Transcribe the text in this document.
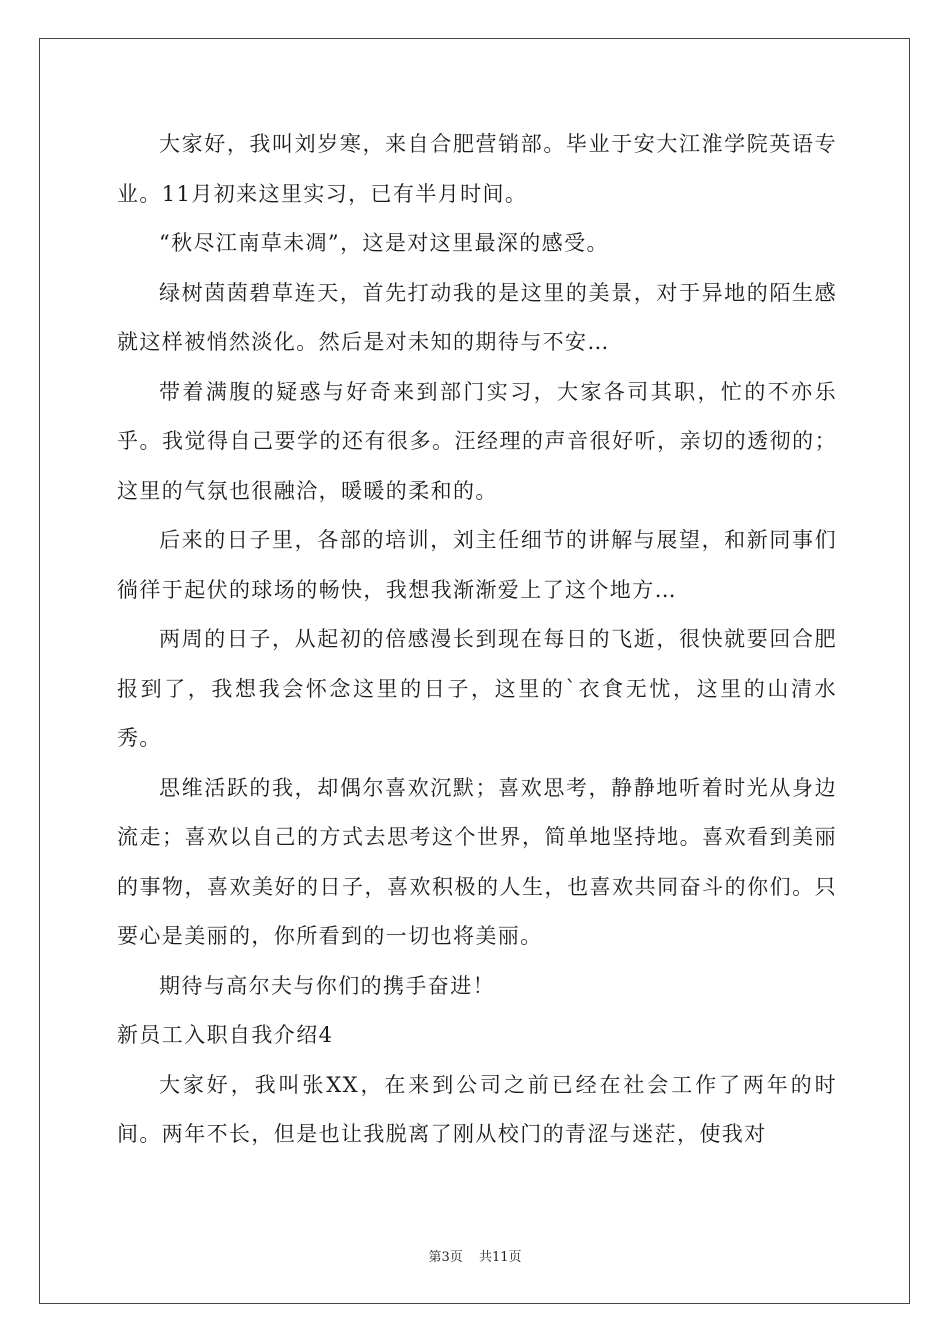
大家好，我叫刘岁寒，来自合肥营销部。毕业于安大江淮学院英语专业。11月初来这里实习，已有半月时间。

“秋尽江南草未凋”，这是对这里最深的感受。

绿树茵茵碧草连天，首先打动我的是这里的美景，对于异地的陌生感就这样被悄然淡化。然后是对未知的期待与不安…

带着满腹的疑惑与好奇来到部门实习，大家各司其职，忙的不亦乐乎。我觉得自己要学的还有很多。汪经理的声音很好听，亲切的透彻的；这里的气氛也很融洽，暖暖的柔和的。

后来的日子里，各部的培训，刘主任细节的讲解与展望，和新同事们徜徉于起伏的球场的畅快，我想我渐渐爱上了这个地方…

两周的日子，从起初的倍感漫长到现在每日的飞逝，很快就要回合肥报到了，我想我会怀念这里的日子，这里的`衣食无忧，这里的山清水秀。

思维活跃的我，却偶尔喜欢沉默；喜欢思考，静静地听着时光从身边流走；喜欢以自己的方式去思考这个世界，简单地坚持地。喜欢看到美丽的事物，喜欢美好的日子，喜欢积极的人生，也喜欢共同奋斗的你们。只要心是美丽的，你所看到的一切也将美丽。

期待与高尔夫与你们的携手奋进！

新员工入职自我介绍4

大家好，我叫张XX，在来到公司之前已经在社会工作了两年的时间。两年不长，但是也让我脱离了刚从校门的青涩与迷茫，使我对

第3页 共11页
